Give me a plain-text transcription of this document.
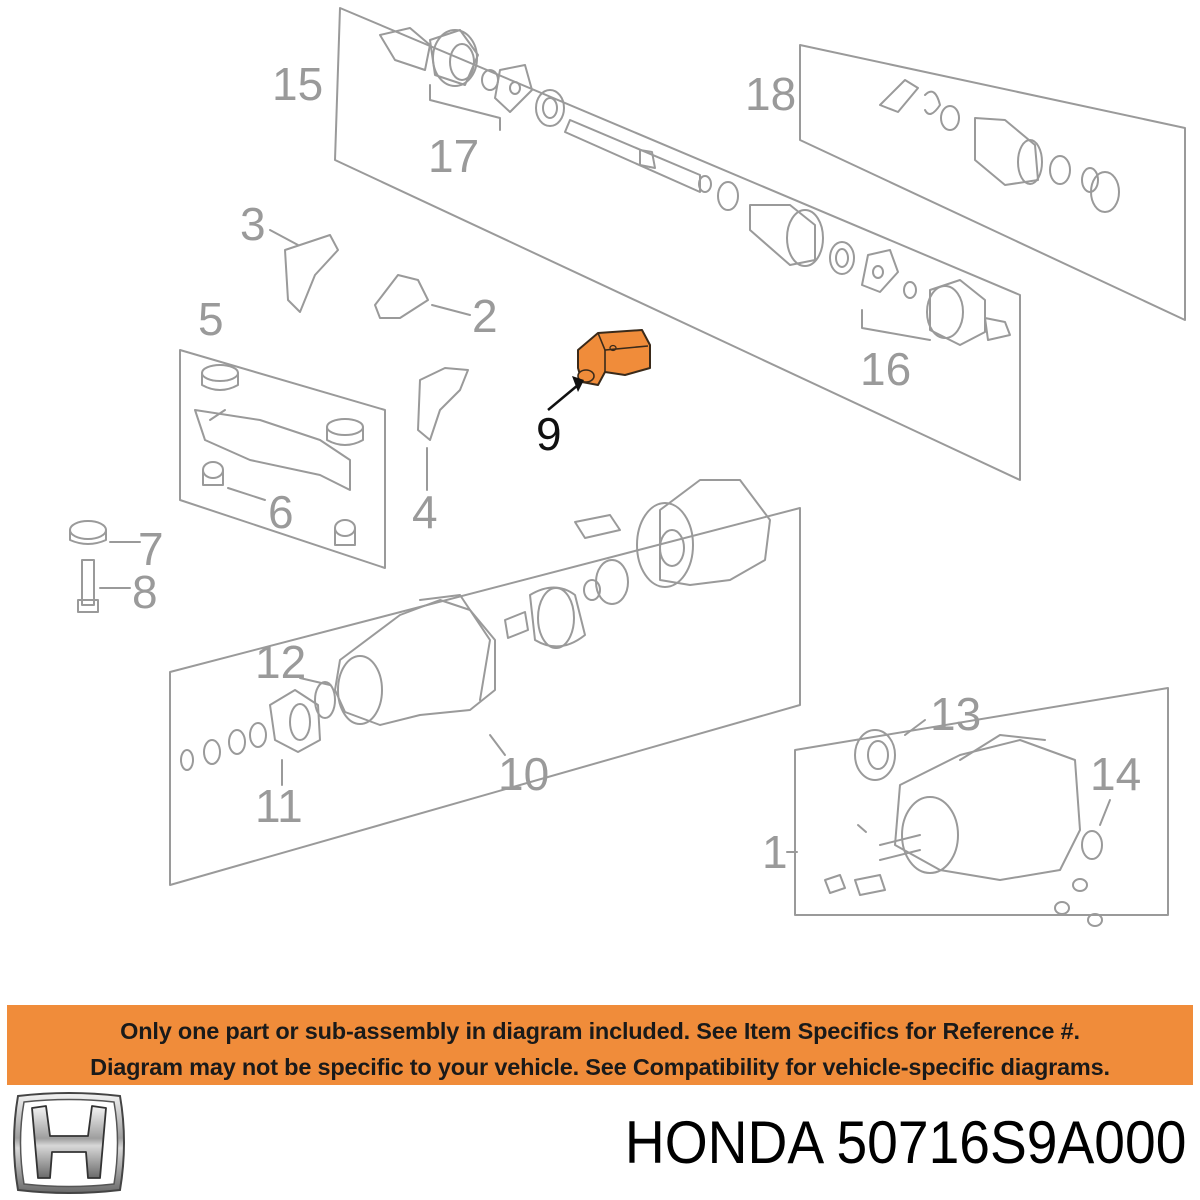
15
17
18
16
3
2
5
6	4
7
8
9
12
11
10
13
14
1
Only one part or sub-assembly in diagram included. See Item Specifics for Reference #.
Diagram may not be specific to your vehicle. See Compatibility for vehicle-specific diagrams.
HONDA 50716S9A000
